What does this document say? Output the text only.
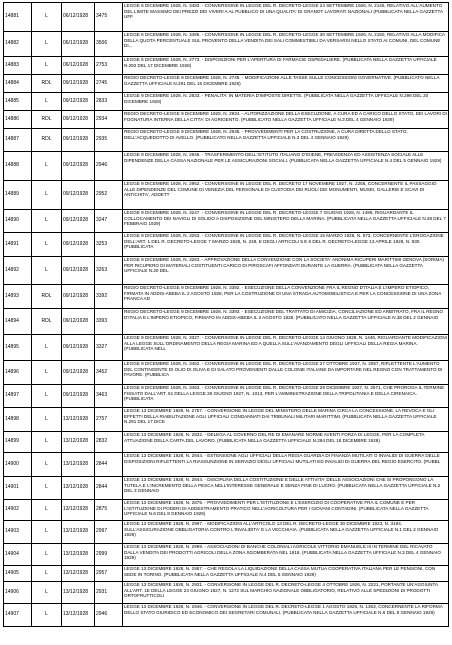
14881	L	06/12/1928	3475	LEGGE 6 DICEMBRE 1928, N. 3483. - CONVERSIONE IN LEGGE DEL R. DECRETO-LEGGE 24 SETTEMBRE 1926, N. 2146, RELATIVO ALL'AUMENTO DEL LIMITE MASSIMO DEI PREZZI DEI VIVERI A AL PUBBLICO DI UNA QUALITA' DI GRANOT LAVORATI NAZIONALI (PUBBLICATA NELLA GAZZETTA UFF.
14882	L	06/12/1928	3506	LEGGE 6 DICEMBRE 1928, N. 3485. - CONVERSIONE IN LEGGE DEL R. DECRETO-LEGGE 30 SETTEMBRE 1926, N. 2150, RELATIVO ALLA MODIFICA DELLA QUOTA PERCENTUALE SUL PROVENTO DELLA VENDITA DEI SALI COMMESTIBILI DA VERSARSI NELLO STATO AI COMUNI, DEL COMUNE DI...
14883	L	06/12/1928	2753	LEGGE 6 DICEMBRE 1928, N. 2773. - DISPOSIZIONI PER L'APERTURA DI FARMACIE OSPEDALIERE. (PUBBLICATA NELLA GAZZETTA UFFICIALE N.292 DEL 17 DICEMBRE 1928)
14884	RDL	09/12/1928	2745	REGIO DECRETO-LEGGE 9 DICEMBRE 1928, N. 2745. - MODIFICAZIONI ALLE TASSE SULLE CONCESSIONI GOVERNATIVE. (PUBBLICATO NELLA GAZZETTA UFFICIALE N.291 DEL 15 DICEMBRE 1928)
14885	L	09/12/1928	2833	LEGGE 9 DICEMBRE 1928, N. 2833. - PENALITA' IN MATERIA D'IMPOSTE DIRETTE. (PUBBLICATA NELLA GAZZETTA UFFICIALE N.296 DEL 20 DICEMBRE 1928)
14886	RDL	09/12/1928	2934	REGIO DECRETO-LEGGE 9 DICEMBRE 1928, N. 2934. - AUTORIZZAZIONE DELLA ESECUZIONE, A CURA ED A CARICO DELLO STATO, DEI LAVORI DI FOGNATURA INTERNA DELLA CITTA' DI AGRIGENTO. (PUBBLICATO NELLA GAZZETTA UFFICIALE N.3 DEL 4 GENNAIO 1929)
14887	RDL	09/12/1928	2935	REGIO DECRETO-LEGGE 9 DICEMBRE 1928, N. 2935. - PROVVEDIMENTI PER LA COSTRUZIONE, A CURA DIRETTA DELLO STATO, DELL'ACQUEDOTTO DI AVELLO. (PUBBLICATO NELLA GAZZETTA UFFICIALE N.3 DEL 4 GENNAIO 1929)
14888	L	09/12/1928	2946	LEGGE 9 DICEMBRE 1928, N. 2946. - TRASFERIMENTO DELL'ISTITUTO ITALIANO D'IGIENE, PREVIDENZA ED ASSISTENZA SOCIALE ALLE DIPENDENZE DELLA CASSA NAZIONALE PER LE ASSICURAZIONI SOCIALI. (PUBBLICATA NELLA GAZZETTA UFFICIALE N.4 DEL 5 GENNAIO 1929)
14889	L	09/12/1928	2952	LEGGE 9 DICEMBRE 1928, N. 2952. - CONVERSIONE IN LEGGE DEL R. DECRETO 17 NOVEMBRE 1927, N. 2256, CONCERNENTE IL PASSAGGIO ALLE DIPENDENZE DEL COMUNE DI VENEZIA DEL PERSONALE DI CUSTODIA DEI RUOLI DEI MONUMENTI, MUSEI, GALLERIE E SCAVI DI ANTICHITA', ADDETT
14890	L	09/12/1928	3247	LEGGE 9 DICEMBRE 1928, N. 3247. - CONVERSIONE IN LEGGE DEL R. DECRETO-LEGGE 7 GIUGNO 1928, N. 1495, RIGUARDANTE IL COLLOCAMENTO DEI NAVIGLI DI SOLIDO A DISPOSIZIONE DEL MINISTERO DELLA MARINA. (PUBBLICATA NELLA GAZZETTA UFFICIALE N.38 DEL 7 FEBBRAIO 1929)
14891	L	09/12/1928	3253	LEGGE 9 DICEMBRE 1928, N. 3253. - CONVERSIONE IN LEGGE DEL R. DECRETO-LEGGE 15 MARZO 1928, N. 573, CONCERNENTE L'EROGAZIONE DELL'ART. 1 DEL R. DECRETO-LEGGE 7 MARZO 1928, N. 248, E DEGLI ARTICOLI 5 E 6 DEL R. DECRETO-LEGGE 13 APRILE 1928, N. 930. (PUBBLICATA
14892	L	09/12/1928	3263	LEGGE 9 DICEMBRE 1928, N. 3263. - APPROVAZIONE DELLA CONVENZIONE CON LA SOCIETA' ANONIMA RICUPERI MARITTIMI GENOVA (SORIMA) PER RICUPERO DI MATERIALI COSTITUENTI CARICO DI PIROSCAFI AFFONDATI DURANTE LA GUERRA. (PUBBLICATA NELLA GAZZETTA UFFICIALE N.20 DEL
14893	RDL	09/12/1928	3392	REGIO DECRETO-LEGGE 9 DICEMBRE 1928, N. 3392. - ESECUZIONE DELLA CONVENZIONE FRA IL REGNO D'ITALIA E L'IMPERO ETIOPICO, FIRMATA IN ADDIS-ABEBA IL 2 AGOSTO 1928, PER LA COSTRUZIONE DI UNA STRADA AUTOMOBILISTICA E PER LA CONCESSIONE DI UNA ZONA FRANCA AD
14894	RDL	09/12/1928	3393	REGIO DECRETO-LEGGE 9 DICEMBRE 1928, N. 3393. - ESECUZIONE DEL TRATTATO DI AMICIZIA, CONCILIAZIONE ED ARBITRATO, FRA IL REGNO D'ITALIA E L'IMPERO ETIOPICO, FIRMATO IN ADDIS-ABEBA IL 2 AGOSTO 1928. (PUBBLICATO NELLA GAZZETTA UFFICIALE N.38 DEL 2 GENNAIO
14895	L	09/12/1928	3327	LEGGE 9 DICEMBRE 1928, N. 3327. - CONVERSIONE IN LEGGE DEL R. DECRETO-LEGGE 14 GIUGNO 1928, N. 1446, RIGUARDANTE MODIFICAZIONI ALLA LEGGE SULL'ORDINAMENTO DELLA REGIA MARINA ED A QUELLA SULL'AVANZAMENTO DEGLI UFFICIALI DELLA REGIA MARINA. (PUBBLICATA NELL
14896	L	09/12/1928	3452	LEGGE 9 DICEMBRE 1928, N. 3452. - CONVERSIONE IN LEGGE DEL R. DECRETO-LEGGE 27 OTTOBRE 1927, N. 2057, RIFLETTENTE L'AUMENTO DEL CONTINGENTE DI OLIO DI OLIVA E DI SALATO PROVENIENTI DALLE COLONIE ITALIANE DA IMPORTARE NEL REGNO CON TRATTAMENTO DI FAVORE. (PUBBLICA
14897	L	09/12/1928	3463	LEGGE 9 DICEMBRE 1928, N. 3463. - CONVERSIONE IN LEGGE DEL R. DECRETO-LEGGE 29 DICEMBRE 1927, N. 2571, CHE PROROGA IL TERMINE FISSATO DALL'ART. 61 DELLA LEGGE 26 GIUGNO 1927, N. 1013, PER L'AMMINISTRAZIONE DELLA TRIPOLITANIA E DELLA CIRENAICA. (PUBBLICATA
14898	L	13/12/1928	2757	LEGGE 13 DICEMBRE 1928, N. 2757. - CONVERSIONE IN LEGGE DEL MINISTERO DELLE MARINA CIRCA LA CONCESSIONE, LA REVOCA E GLI EFFETTI DELLA RIABILITAZIONE AGLI UFFICIALI CONDANNATI DAI TRIBUNALI MILITARI MARITTIMI. (PUBBLICATA NELLA GAZZETTA UFFICIALE N.291 DEL 17 DICE
14899	L	13/12/1928	2832	LEGGE 13 DICEMBRE 1928, N. 2832. - DELEGA AL GOVERNO DEL RE DI EMANARE NORME AVENTI FORZA DI LEGGE, PER LA COMPLETA ATTUAZIONE DELLA CARTA DEL LAVORO. (PUBBLICATA NELLA GAZZETTA UFFICIALE N.294 DEL 18 DICEMBRE 1928)
14900	L	13/12/1928	2844	LEGGE 13 DICEMBRE 1928, N. 2844. - ESTENSIONE AGLI UFFICIALI DELLA REGIA GUARDIA DI FINANZA MUTILATI O INVALIDI DI GUERRA DELLE DISPOSIZIONI RIFLETTENTI LA RIASSUNZIONE IN SERVIZIO DEGLI UFFICIALI MUTILATI ED INVALIDI DI GUERRA DEL REGIO ESERCITO. (PUBBL
14901	L	13/12/1928	2844	LEGGE 13 DICEMBRE 1928, N. 2844. - DISCIPLINA DELLA COSTITUZIONE E DELLE ATTIVITA' DELLE ASSOCIAZIONI CHE SI PROPONGONO LA TUTELA E L'INCREMENTO DELLA PESCA NELL'INTERESSE GENERALE E SENZA FINE DI LUCRO. (PUBBLICATA NELLA GAZZETTA UFFICIALE N.2 DEL 3 GENNAIO
14902	L	13/12/1928	2875	LEGGE 13 DICEMBRE 1928, N. 2875. - PROVVEDIMENTI PER L'ISTITUZIONE E L'ESERCIZIO DI COOPERATIVE FRA IL COMUNE E PER L'ISTITUZIONE DI PODERI DI ADDESTRAMENTO PRATICO NELL'AGRICOLTURA PER I GIOVANI CONTADINI. (PUBBLICATA NELLA GAZZETTA UFFICIALE N.6 DEL 8 GENNAIO 1929)
14903	L	13/12/1928	2997	LEGGE 13 DICEMBRE 1928, N. 2997. - MODIFICAZIONI ALL'ARTICOLO 13 DEL R. DECRETO-LEGGE 30 DICEMBRE 1923, N. 3194, SULL'ASSICURAZIONE OBBLIGATORIA CONTRO L'INVALIDITA' E LA VECCHIAIA. (PUBBLICATA NELLA GAZZETTA UFFICIALE N.1 DEL 2 GENNAIO 1929)
14904	L	13/12/1928	2999	LEGGE 13 DICEMBRE 1928, N. 2999. - ASSOCIAZIONI DI BANCHE COLONIALI AGRICOLE VITTORIO EMANUELE III IN TERMINE DEL RICAVATO DALLA VENDITA DEI PRODOTTI AGRICOLI DELLA ZONA SGOMBERATA NEL 1918. (PUBBLICATA NELLA GAZZETTA UFFICIALE N.3 DEL 4 GENNAIO 1929)
14905	L	13/12/1928	2957	LEGGE 13 DICEMBRE 1928, N. 2957. - CHE REGOLA LA LIQUIDAZIONE DELLA CASSA MUTUA COOPERATIVA ITALIANA PER LE PENSIONI, CON SEDE IN TORINO. (PUBBLICATA NELLA GAZZETTA UFFICIALE N.4 DEL 5 GENNAIO 1929)
14906	L	13/12/1928	2931	LEGGE 13 DICEMBRE 1928, N. 2931. - CONVERSIONE IN LEGGE DEL R. DECRETO-LEGGE 4 OTTOBRE 1926, N. 2221, PORTANTE UN'AGGIUNTA ALL'ART. 1E DELLA LEGGE 23 GIUGNO 1927, N. 1272 SUL MARCHIO NAZIONALE OBBLIGATORIO, RELATIVO ALLE SPEDIZIONI DI PRODOTTI ORTOFRUTTICOLI
14907	L	13/12/1928	2946	LEGGE 13 DICEMBRE 1928, N. 2946. - CONVERSIONE IN LEGGE DEL R. DECRETO-LEGGE 1 AGOSTO 1926, N. 1363, CONCERNENTE LA RIFORMA DELLO STATO GIURIDICO ED ECONOMICO DEI SEGRETARI COMUNALI. (PUBBLICATA NELLA GAZZETTA UFFICIALE N.6 DEL 8 GENNAIO 1929)
